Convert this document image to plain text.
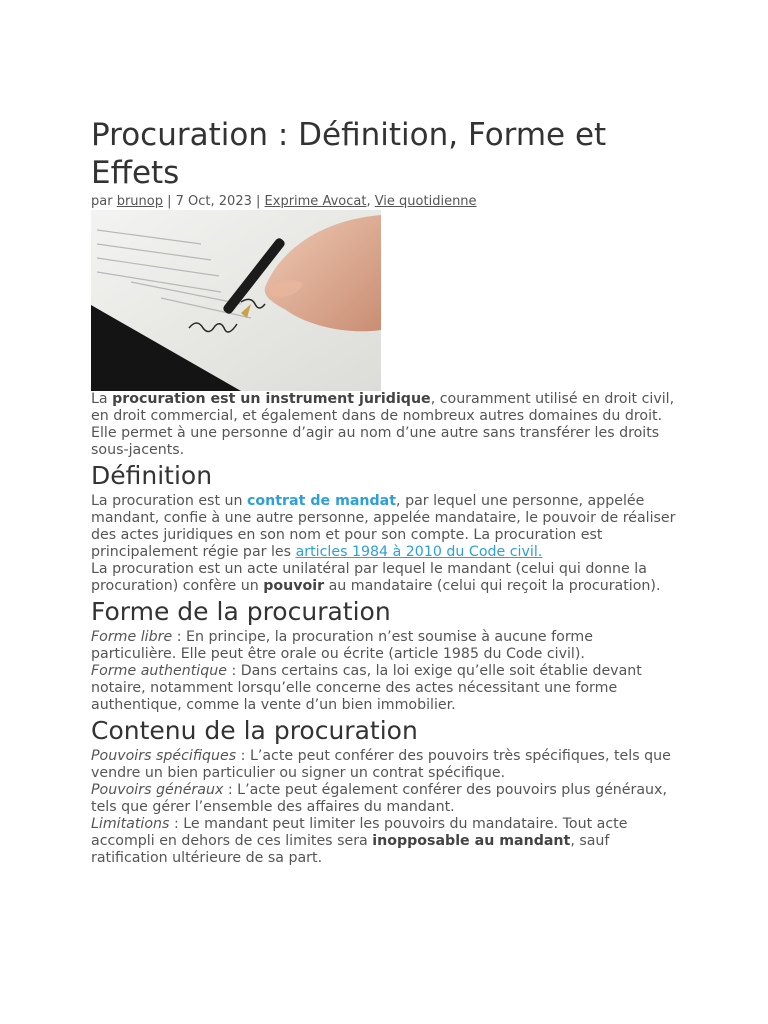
Procuration : Définition, Forme et Effets
par brunop | 7 Oct, 2023 | Exprime Avocat, Vie quotidienne

La procuration est un instrument juridique, couramment utilisé en droit civil, en droit commercial, et également dans de nombreux autres domaines du droit. Elle permet à une personne d’agir au nom d’une autre sans transférer les droits sous-jacents.

Définition

La procuration est un contrat de mandat, par lequel une personne, appelée mandant, confie à une autre personne, appelée mandataire, le pouvoir de réaliser des actes juridiques en son nom et pour son compte. La procuration est principalement régie par les articles 1984 à 2010 du Code civil.

La procuration est un acte unilatéral par lequel le mandant (celui qui donne la procuration) confère un pouvoir au mandataire (celui qui reçoit la procuration).

Forme de la procuration

Forme libre : En principe, la procuration n’est soumise à aucune forme particulière. Elle peut être orale ou écrite (article 1985 du Code civil).

Forme authentique : Dans certains cas, la loi exige qu’elle soit établie devant notaire, notamment lorsqu’elle concerne des actes nécessitant une forme authentique, comme la vente d’un bien immobilier.

Contenu de la procuration

Pouvoirs spécifiques : L’acte peut conférer des pouvoirs très spécifiques, tels que vendre un bien particulier ou signer un contrat spécifique.

Pouvoirs généraux : L’acte peut également conférer des pouvoirs plus généraux, tels que gérer l’ensemble des affaires du mandant.

Limitations : Le mandant peut limiter les pouvoirs du mandataire. Tout acte accompli en dehors de ces limites sera inopposable au mandant, sauf ratification ultérieure de sa part.
